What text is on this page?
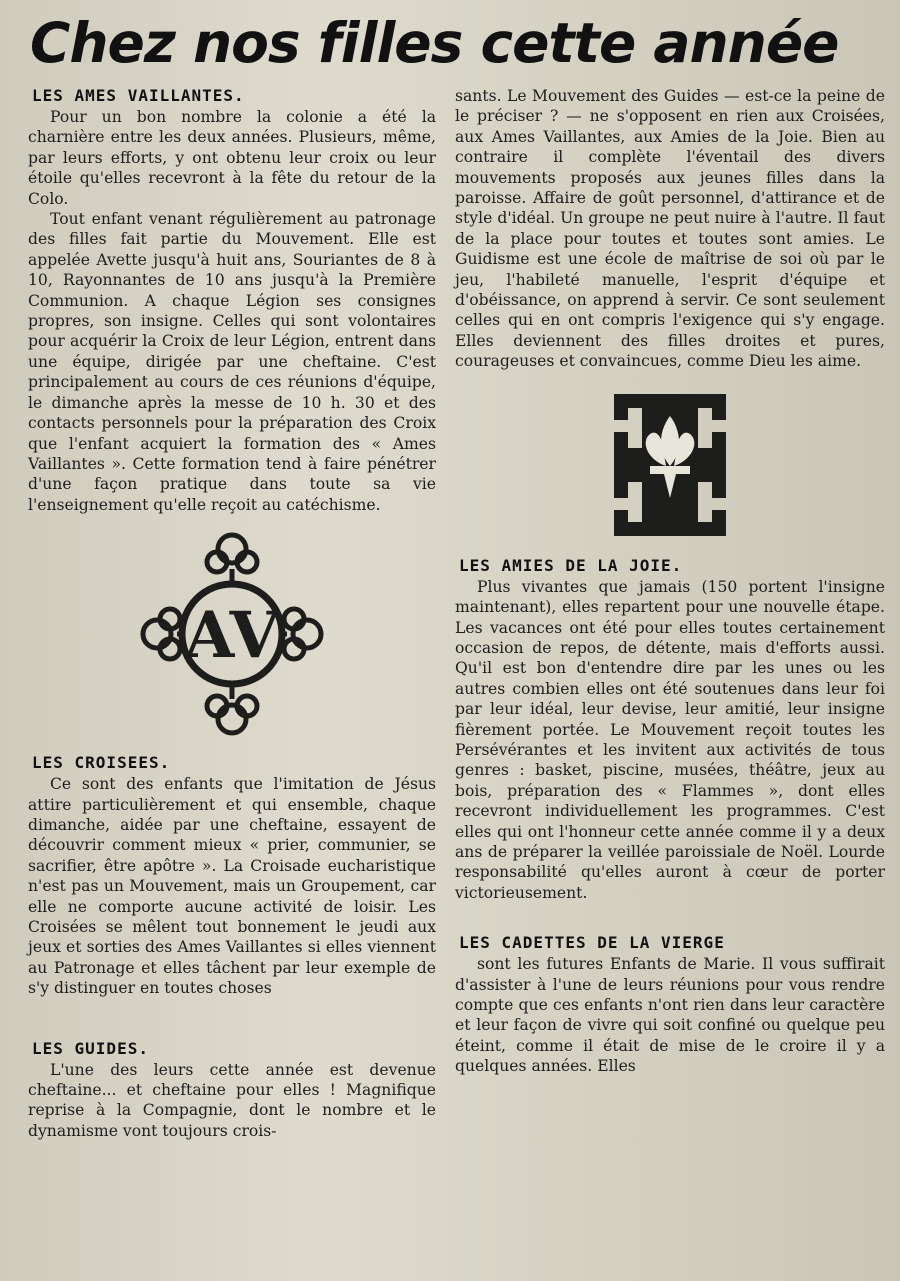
Chez nos filles cette année
LES AMES VAILLANTES.

Pour un bon nombre la colonie a été la charnière entre les deux années. Plusieurs, même, par leurs efforts, y ont obtenu leur croix ou leur étoile qu'elles recevront à la fête du retour de la Colo.

Tout enfant venant régulièrement au patronage des filles fait partie du Mouvement. Elle est appelée Avette jusqu'à huit ans, Souriantes de 8 à 10, Rayonnantes de 10 ans jusqu'à la Première Communion. A chaque Légion ses consignes propres, son insigne. Celles qui sont volontaires pour acquérir la Croix de leur Légion, entrent dans une équipe, dirigée par une cheftaine. C'est principalement au cours de ces réunions d'équipe, le dimanche après la messe de 10 h. 30 et des contacts personnels pour la préparation des Croix que l'enfant acquiert la formation des « Ames Vaillantes ». Cette formation tend à faire pénétrer d'une façon pratique dans toute sa vie l'enseignement qu'elle reçoit au catéchisme.

AV
LES CROISEES.

Ce sont des enfants que l'imitation de Jésus attire particulièrement et qui ensemble, chaque dimanche, aidée par une cheftaine, essayent de découvrir comment mieux « prier, communier, se sacrifier, être apôtre ». La Croisade eucharistique n'est pas un Mouvement, mais un Groupement, car elle ne comporte aucune activité de loisir. Les Croisées se mêlent tout bonnement le jeudi aux jeux et sorties des Ames Vaillantes si elles viennent au Patronage et elles tâchent par leur exemple de s'y distinguer en toutes choses

LES GUIDES.

L'une des leurs cette année est devenue cheftaine... et cheftaine pour elles ! Magnifique reprise à la Compagnie, dont le nombre et le dynamisme vont toujours crois-

sants. Le Mouvement des Guides — est-ce la peine de le préciser ? — ne s'opposent en rien aux Croisées, aux Ames Vaillantes, aux Amies de la Joie. Bien au contraire il complète l'éventail des divers mouvements proposés aux jeunes filles dans la paroisse. Affaire de goût personnel, d'attirance et de style d'idéal. Un groupe ne peut nuire à l'autre. Il faut de la place pour toutes et toutes sont amies. Le Guidisme est une école de maîtrise de soi où par le jeu, l'habileté manuelle, l'esprit d'équipe et d'obéissance, on apprend à servir. Ce sont seulement celles qui en ont compris l'exigence qui s'y engage. Elles deviennent des filles droites et pures, courageuses et convaincues, comme Dieu les aime.

LES AMIES DE LA JOIE.

Plus vivantes que jamais (150 portent l'insigne maintenant), elles repartent pour une nouvelle étape. Les vacances ont été pour elles toutes certainement occasion de repos, de détente, mais d'efforts aussi. Qu'il est bon d'entendre dire par les unes ou les autres combien elles ont été soutenues dans leur foi par leur idéal, leur devise, leur amitié, leur insigne fièrement portée. Le Mouvement reçoit toutes les Persévérantes et les invitent aux activités de tous genres : basket, piscine, musées, théâtre, jeux au bois, préparation des « Flammes », dont elles recevront individuellement les programmes. C'est elles qui ont l'honneur cette année comme il y a deux ans de préparer la veillée paroissiale de Noël. Lourde responsabilité qu'elles auront à cœur de porter victorieusement.

LES CADETTES DE LA VIERGE

sont les futures Enfants de Marie. Il vous suffirait d'assister à l'une de leurs réunions pour vous rendre compte que ces enfants n'ont rien dans leur caractère et leur façon de vivre qui soit confiné ou quelque peu éteint, comme il était de mise de le croire il y a quelques années. Elles
